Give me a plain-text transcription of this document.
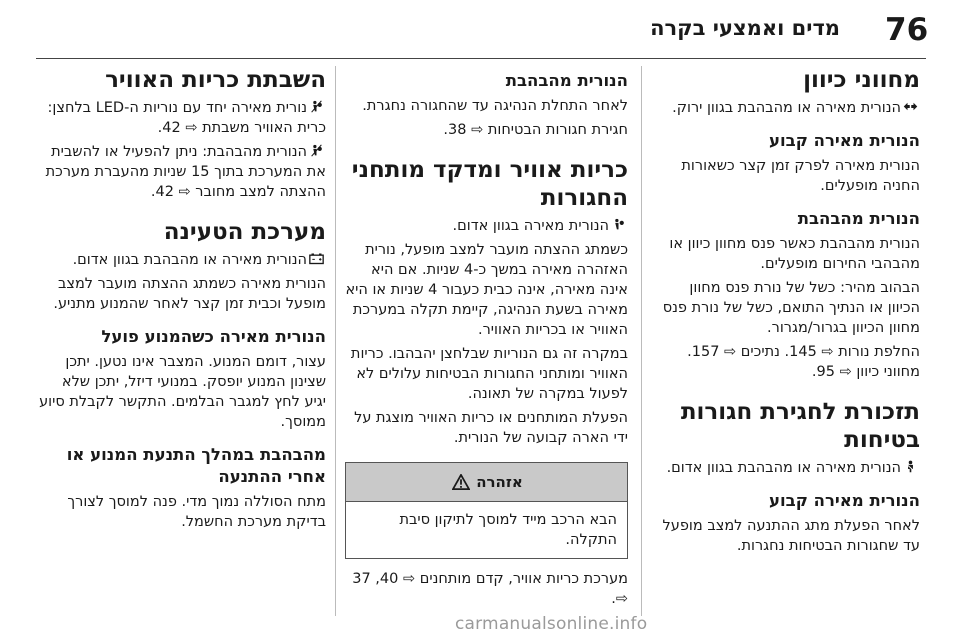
76
מדים ואמצעי בקרה
מחווני כיוון
הנורית מאירה או מהבהבת בגוון ירוק.
הנורית מאירה קבוע
הנורית מאירה לפרק זמן קצר כשאורות החניה מופעלים.
הנורית מהבהבת
הנורית מהבהבת כאשר פנס מחוון כיוון או מהבהבי החירום מופעלים.
הבהוב מהיר: כשל של נורת פנס מחוון הכיוון או הנתיך התואם, כשל של נורת פנס מחוון הכיוון בגרור/מגרור.
החלפת נורות ⇨ 145. נתיכים ⇨ 157. מחווני כיוון ⇨ 95.
תזכורת לחגירת חגורות בטיחות
הנורית מאירה או מהבהבת בגוון אדום.
הנורית מאירה קבוע
לאחר הפעלת מתג ההתנעה למצב מופעל עד שחגורות הבטיחות נחגרות.
הנורית מהבהבת
לאחר התחלת הנהיגה עד שהחגורה נחגרת.
חגירת חגורות הבטיחות ⇨ 38.
כריות אוויר ומדקד מותחני החגורות
הנורית מאירה בגוון אדום.
כשמתג ההצתה מועבר למצב מופעל, נורית האזהרה מאירה במשך כ-4 שניות. אם היא אינה מאירה, אינה כבית כעבור 4 שניות או היא מאירה בשעת הנהיגה, קיימת תקלה במערכת האוויר או בכריות האוויר.
במקרה זה גם הנוריות שבלחצן יהבהבו. כריות האוויר ומותחני החגורות הבטיחות עלולים לא לפעול במקרה של תאונה.
הפעלת המותחנים או כריות האוויר מוצגת על ידי הארה קבועה של הנורית.
אזהרה
הבא הרכב מייד למוסך לתיקון סיבת התקלה.
מערכת כריות אוויר, קדם מותחנים ⇨ 40, 37 ⇨.
השבתת כריות האוויר
נורית מאירה יחד עם נוריות ה-LED בלחצן: כרית האוויר משבתת ⇨ 42.
הנורית מהבהבת: ניתן להפעיל או להשבית את המערכת בתוך 15 שניות מהעברת מערכת ההצתה למצב מחובר ⇨ 42.
מערכת הטעינה
הנורית מאירה או מהבהבת בגוון אדום.
הנורית מאירה כשמתג ההצתה מועבר למצב מופעל וכבית זמן קצר לאחר שהמנוע מתניע.
הנורית מאירה כשהמנוע פועל
עצור, דומם המנוע. המצבר אינו נטען. יתכן שצינון המנוע יופסק. במנועי דיזל, יתכן שלא יגיע לחץ למגבר הבלמים. התקשר לקבלת סיוע ממוסך.
מהבהבת במהלך התנעת המנוע או אחרי ההתנעה
מתח הסוללה נמוך מדי. פנה למוסך לצורך בדיקת מערכת החשמל.
carmanualsonline.info
